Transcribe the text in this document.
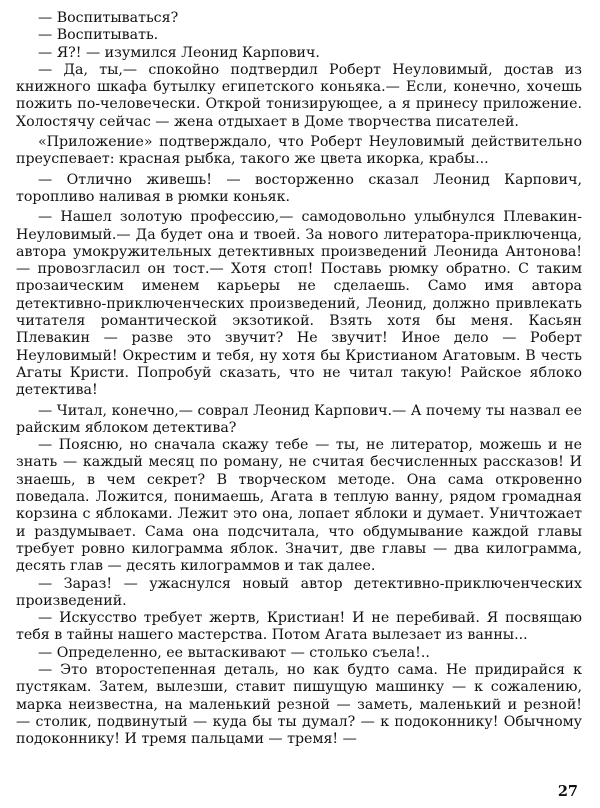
— Воспитываться?

— Воспитывать.

— Я?! — изумился Леонид Карпович.

— Да, ты,— спокойно подтвердил Роберт Неуловимый, достав из книжного шкафа бутылку египетского коньяка.— Если, конечно, хочешь пожить по-человечески. Открой тонизирующее, а я принесу приложение. Холостячу сейчас — жена отдыхает в Доме творчества писателей.

«Приложение» подтверждало, что Роберт Неуловимый действительно преуспевает: красная рыбка, такого же цвета икорка, крабы...

— Отлично живешь! — восторженно сказал Леонид Карпович, торопливо наливая в рюмки коньяк.

— Нашел золотую профессию,— самодовольно улыбнулся Плевакин-Неуловимый.— Да будет она и твоей. За нового литератора-приключенца, автора умокружительных детективных произведений Леонида Антонова! — провозгласил он тост.— Хотя стоп! Поставь рюмку обратно. С таким прозаическим именем карьеры не сделаешь. Само имя автора детективно-приключенческих произведений, Леонид, должно привлекать читателя романтической экзотикой. Взять хотя бы меня. Касьян Плевакин — разве это звучит? Не звучит! Иное дело — Роберт Неуловимый! Окрестим и тебя, ну хотя бы Кристианом Агатовым. В честь Агаты Кристи. Попробуй сказать, что не читал такую! Райское яблоко детектива!

— Читал, конечно,— соврал Леонид Карпович.— А почему ты назвал ее райским яблоком детектива?

— Поясню, но сначала скажу тебе — ты, не литератор, можешь и не знать — каждый месяц по роману, не считая бесчисленных рассказов! И знаешь, в чем секрет? В творческом методе. Она сама откровенно поведала. Ложится, понимаешь, Агата в теплую ванну, рядом громадная корзина с яблоками. Лежит это она, лопает яблоки и думает. Уничтожает и раздумывает. Сама она подсчитала, что обдумывание каждой главы требует ровно килограмма яблок. Значит, две главы — два килограмма, десять глав — десять килограммов и так далее.

— Зараз! — ужаснулся новый автор детективно-приключенческих произведений.

— Искусство требует жертв, Кристиан! И не перебивай. Я посвящаю тебя в тайны нашего мастерства. Потом Агата вылезает из ванны...

— Определенно, ее вытаскивают — столько съела!..

— Это второстепенная деталь, но как будто сама. Не придирайся к пустякам. Затем, вылезши, ставит пишущую машинку — к сожалению, марка неизвестна, на маленький резной — заметь, маленький и резной! — столик, подвинутый — куда бы ты думал? — к подоконнику! Обычному подоконнику! И тремя пальцами — тремя! —

27
